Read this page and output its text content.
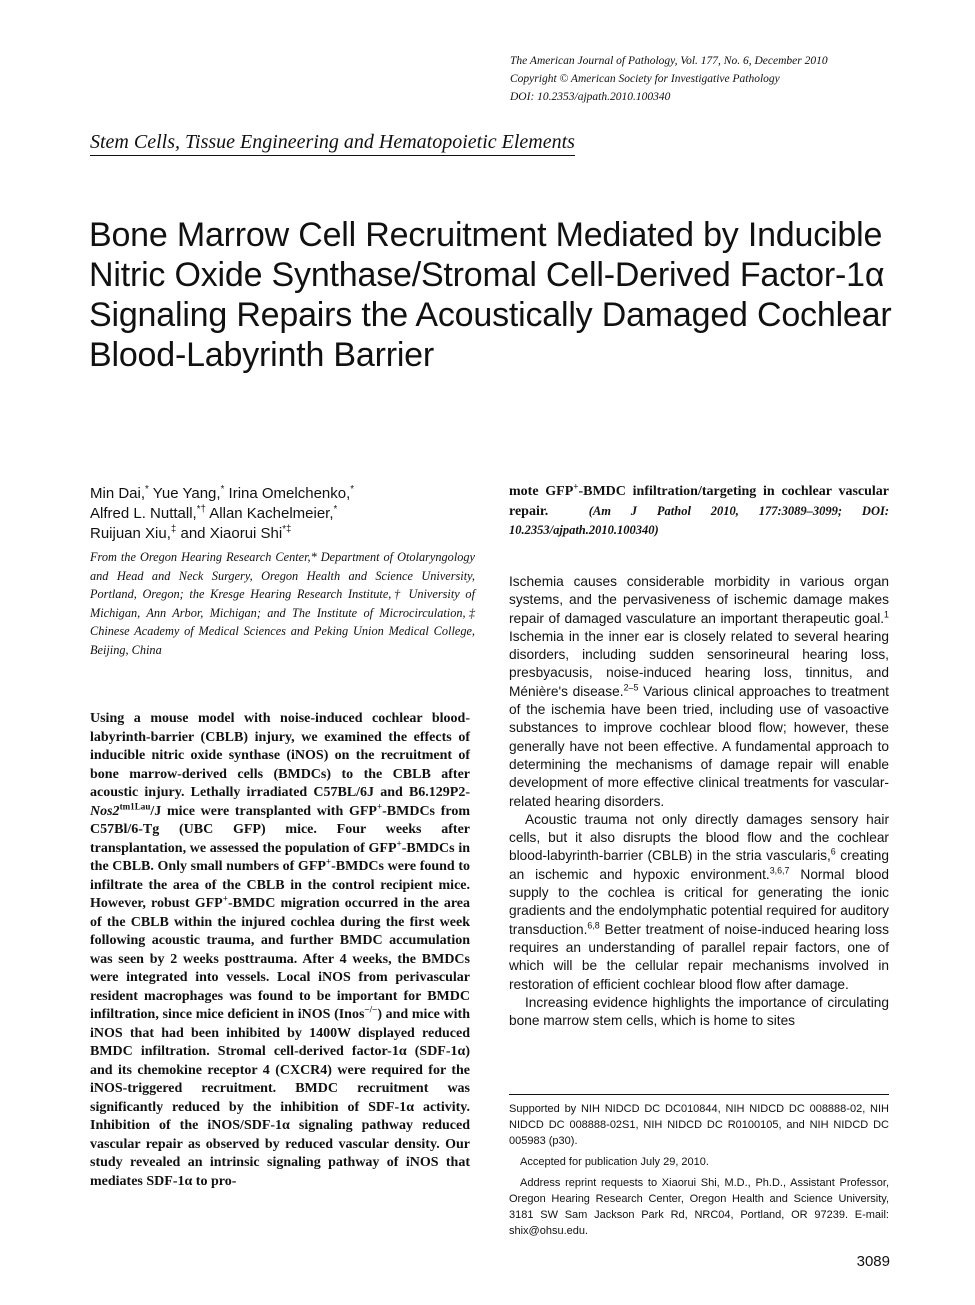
The American Journal of Pathology, Vol. 177, No. 6, December 2010
Copyright © American Society for Investigative Pathology
DOI: 10.2353/ajpath.2010.100340
Stem Cells, Tissue Engineering and Hematopoietic Elements
Bone Marrow Cell Recruitment Mediated by Inducible Nitric Oxide Synthase/Stromal Cell-Derived Factor-1α Signaling Repairs the Acoustically Damaged Cochlear Blood-Labyrinth Barrier
Min Dai,* Yue Yang,* Irina Omelchenko,*
Alfred L. Nuttall,*† Allan Kachelmeier,*
Ruijuan Xiu,‡ and Xiaorui Shi*‡
From the Oregon Hearing Research Center,* Department of Otolaryngology and Head and Neck Surgery, Oregon Health and Science University, Portland, Oregon; the Kresge Hearing Research Institute,† University of Michigan, Ann Arbor, Michigan; and The Institute of Microcirculation,‡ Chinese Academy of Medical Sciences and Peking Union Medical College, Beijing, China

Using a mouse model with noise-induced cochlear blood-labyrinth-barrier (CBLB) injury, we examined the effects of inducible nitric oxide synthase (iNOS) on the recruitment of bone marrow-derived cells (BMDCs) to the CBLB after acoustic injury. Lethally irradiated C57BL/6J and $B6.129P2-Nos2^{tm1Lau}/J$ mice were transplanted with GFP+-BMDCs from C57Bl/6-Tg (UBC GFP) mice. Four weeks after transplantation, we assessed the population of GFP+-BMDCs in the CBLB. Only small numbers of GFP+-BMDCs were found to infiltrate the area of the CBLB in the control recipient mice. However, robust GFP+-BMDC migration occurred in the area of the CBLB within the injured cochlea during the first week following acoustic trauma, and further BMDC accumulation was seen by 2 weeks posttrauma. After 4 weeks, the BMDCs were integrated into vessels. Local iNOS from perivascular resident macrophages was found to be important for BMDC infiltration, since mice deficient in iNOS (Inos−/−) and mice with iNOS that had been inhibited by 1400W displayed reduced BMDC infiltration. Stromal cell-derived factor-1α (SDF-1α) and its chemokine receptor 4 (CXCR4) were required for the iNOS-triggered recruitment. BMDC recruitment was significantly reduced by the inhibition of SDF-1α activity. Inhibition of the iNOS/SDF-1α signaling pathway reduced vascular repair as observed by reduced vascular density. Our study revealed an intrinsic signaling pathway of iNOS that mediates SDF-1α to pro-

mote GFP+-BMDC infiltration/targeting in cochlear vascular repair.	(Am J Pathol 2010, 177:3089–3099; DOI: 10.2353/ajpath.2010.100340)

Ischemia causes considerable morbidity in various organ systems, and the pervasiveness of ischemic damage makes repair of damaged vasculature an important therapeutic goal.$^1$ Ischemia in the inner ear is closely related to several hearing disorders, including sudden sensorineural hearing loss, presbyacusis, noise-induced hearing loss, tinnitus, and Ménière's disease.$^{2-5}$ Various clinical approaches to treatment of the ischemia have been tried, including use of vasoactive substances to improve cochlear blood flow; however, these generally have not been effective. A fundamental approach to determining the mechanisms of damage repair will enable development of more effective clinical treatments for vascular-related hearing disorders.

Acoustic trauma not only directly damages sensory hair cells, but it also disrupts the blood flow and the cochlear blood-labyrinth-barrier (CBLB) in the stria vascularis,$^6$ creating an ischemic and hypoxic environment.$^{3,6,7}$ Normal blood supply to the cochlea is critical for generating the ionic gradients and the endolymphatic potential required for auditory transduction.$^{6,8}$ Better treatment of noise-induced hearing loss requires an understanding of parallel repair factors, one of which will be the cellular repair mechanisms involved in restoration of efficient cochlear blood flow after damage.

Increasing evidence highlights the importance of circulating bone marrow stem cells, which is home to sites

Supported by NIH NIDCD DC DC010844, NIH NIDCD DC 008888-02, NIH NIDCD DC 008888-02S1, NIH NIDCD DC R0100105, and NIH NIDCD DC 005983 (p30).

Accepted for publication July 29, 2010.

Address reprint requests to Xiaorui Shi, M.D., Ph.D., Assistant Professor, Oregon Hearing Research Center, Oregon Health and Science University, 3181 SW Sam Jackson Park Rd, NRC04, Portland, OR 97239. E-mail: shix@ohsu.edu.

3089
